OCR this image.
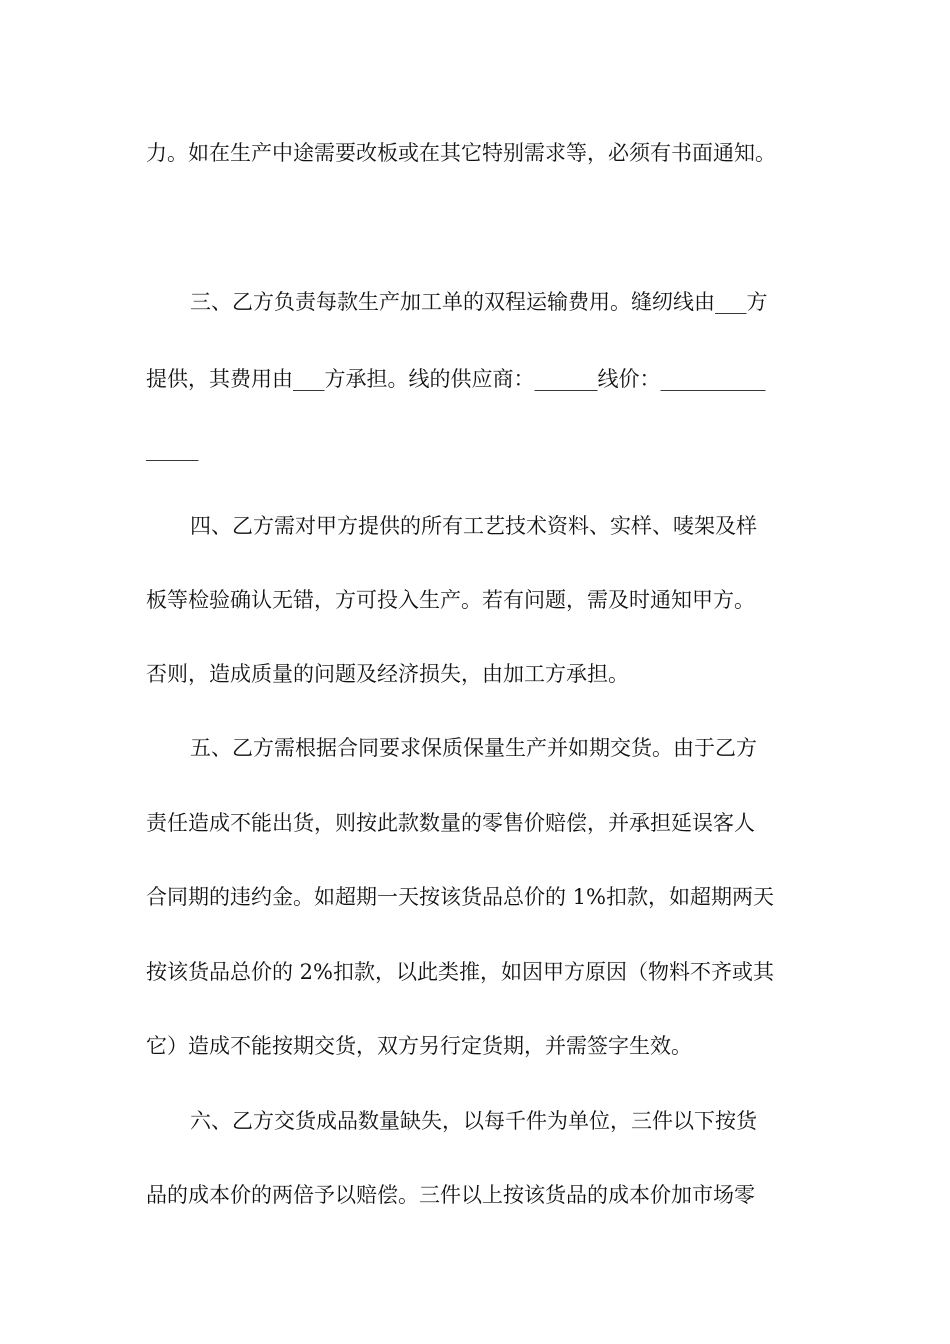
力。如在生产中途需要改板或在其它特别需求等，必须有书面通知。
三、乙方负责每款生产加工单的双程运输费用。缝纫线由___方
提供，其费用由___方承担。线的供应商：______线价：__________
_____
四、乙方需对甲方提供的所有工艺技术资料、实样、唛架及样
板等检验确认无错，方可投入生产。若有问题，需及时通知甲方。
否则，造成质量的问题及经济损失，由加工方承担。
五、乙方需根据合同要求保质保量生产并如期交货。由于乙方
责任造成不能出货，则按此款数量的零售价赔偿，并承担延误客人
合同期的违约金。如超期一天按该货品总价的 1%扣款，如超期两天
按该货品总价的 2%扣款，以此类推，如因甲方原因（物料不齐或其
它）造成不能按期交货，双方另行定货期，并需签字生效。
六、乙方交货成品数量缺失，以每千件为单位，三件以下按货
品的成本价的两倍予以赔偿。三件以上按该货品的成本价加市场零
